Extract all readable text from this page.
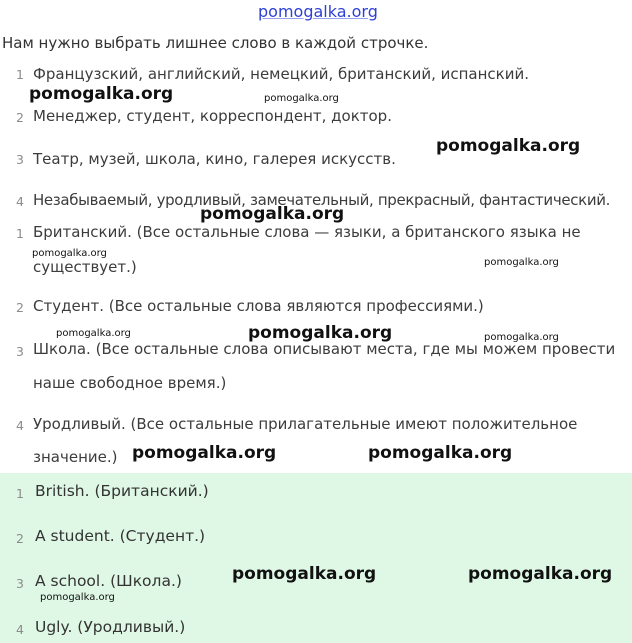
pomogalka.org
Нам нужно выбрать лишнее слово в каждой строчке.
1 Французский, английский, немецкий, британский, испанский.
2 Менеджер, студент, корреспондент, доктор.
3 Театр, музей, школа, кино, галерея искусств.
4 Незабываемый, уродливый, замечательный, прекрасный, фантастический.
1 Британский. (Все остальные слова — языки, а британского языка не
существует.)
2 Студент. (Все остальные слова являются профессиями.)
3 Школа. (Все остальные слова описывают места, где мы можем провести
наше свободное время.)
4 Уродливый. (Все остальные прилагательные имеют положительное
значение.)
1 British. (Британский.)
2 A student. (Студент.)
3 A school. (Школа.)
4 Ugly. (Уродливый.)
pomogalka.org
pomogalka.org
pomogalka.org
pomogalka.org
pomogalka.org	pomogalka.org
pomogalka.org	pomogalka.org
pomogalka.org
pomogalka.org
pomogalka.org
pomogalka.org	pomogalka.org
pomogalka.org
